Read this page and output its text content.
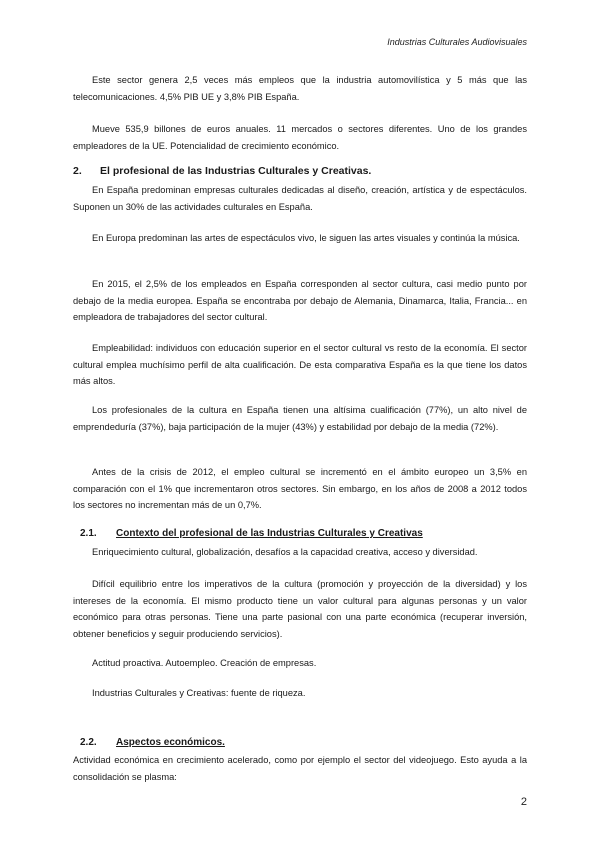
Industrias Culturales Audiovisuales

Este sector genera 2,5 veces más empleos que la industria automovilística y 5 más que las telecomunicaciones. 4,5% PIB UE y 3,8% PIB España.

Mueve 535,9 billones de euros anuales. 11 mercados o sectores diferentes. Uno de los grandes empleadores de la UE. Potencialidad de crecimiento económico.

2. El profesional de las Industrias Culturales y Creativas.

En España predominan empresas culturales dedicadas al diseño, creación, artística y de espectáculos. Suponen un 30% de las actividades culturales en España.

En Europa predominan las artes de espectáculos vivo, le siguen las artes visuales y continúa la música.

En 2015, el 2,5% de los empleados en España corresponden al sector cultura, casi medio punto por debajo de la media europea. España se encontraba por debajo de Alemania, Dinamarca, Italia, Francia... en empleadora de trabajadores del sector cultural.

Empleabilidad: individuos con educación superior en el sector cultural vs resto de la economía. El sector cultural emplea muchísimo perfil de alta cualificación. De esta comparativa España es la que tiene los datos más altos.

Los profesionales de la cultura en España tienen una altísima cualificación (77%), un alto nivel de emprendeduría (37%), baja participación de la mujer (43%) y estabilidad por debajo de la media (72%).

Antes de la crisis de 2012, el empleo cultural se incrementó en el ámbito europeo un 3,5% en comparación con el 1% que incrementaron otros sectores. Sin embargo, en los años de 2008 a 2012 todos los sectores no incrementan más de un 0,7%.

2.1. Contexto del profesional de las Industrias Culturales y Creativas

Enriquecimiento cultural, globalización, desafíos a la capacidad creativa, acceso y diversidad.

Difícil equilibrio entre los imperativos de la cultura (promoción y proyección de la diversidad) y los intereses de la economía. El mismo producto tiene un valor cultural para algunas personas y un valor económico para otras personas. Tiene una parte pasional con una parte económica (recuperar inversión, obtener beneficios y seguir produciendo servicios).

Actitud proactiva. Autoempleo. Creación de empresas.

Industrias Culturales y Creativas: fuente de riqueza.

2.2. Aspectos económicos.

Actividad económica en crecimiento acelerado, como por ejemplo el sector del videojuego. Esto ayuda a la consolidación se plasma:

2
